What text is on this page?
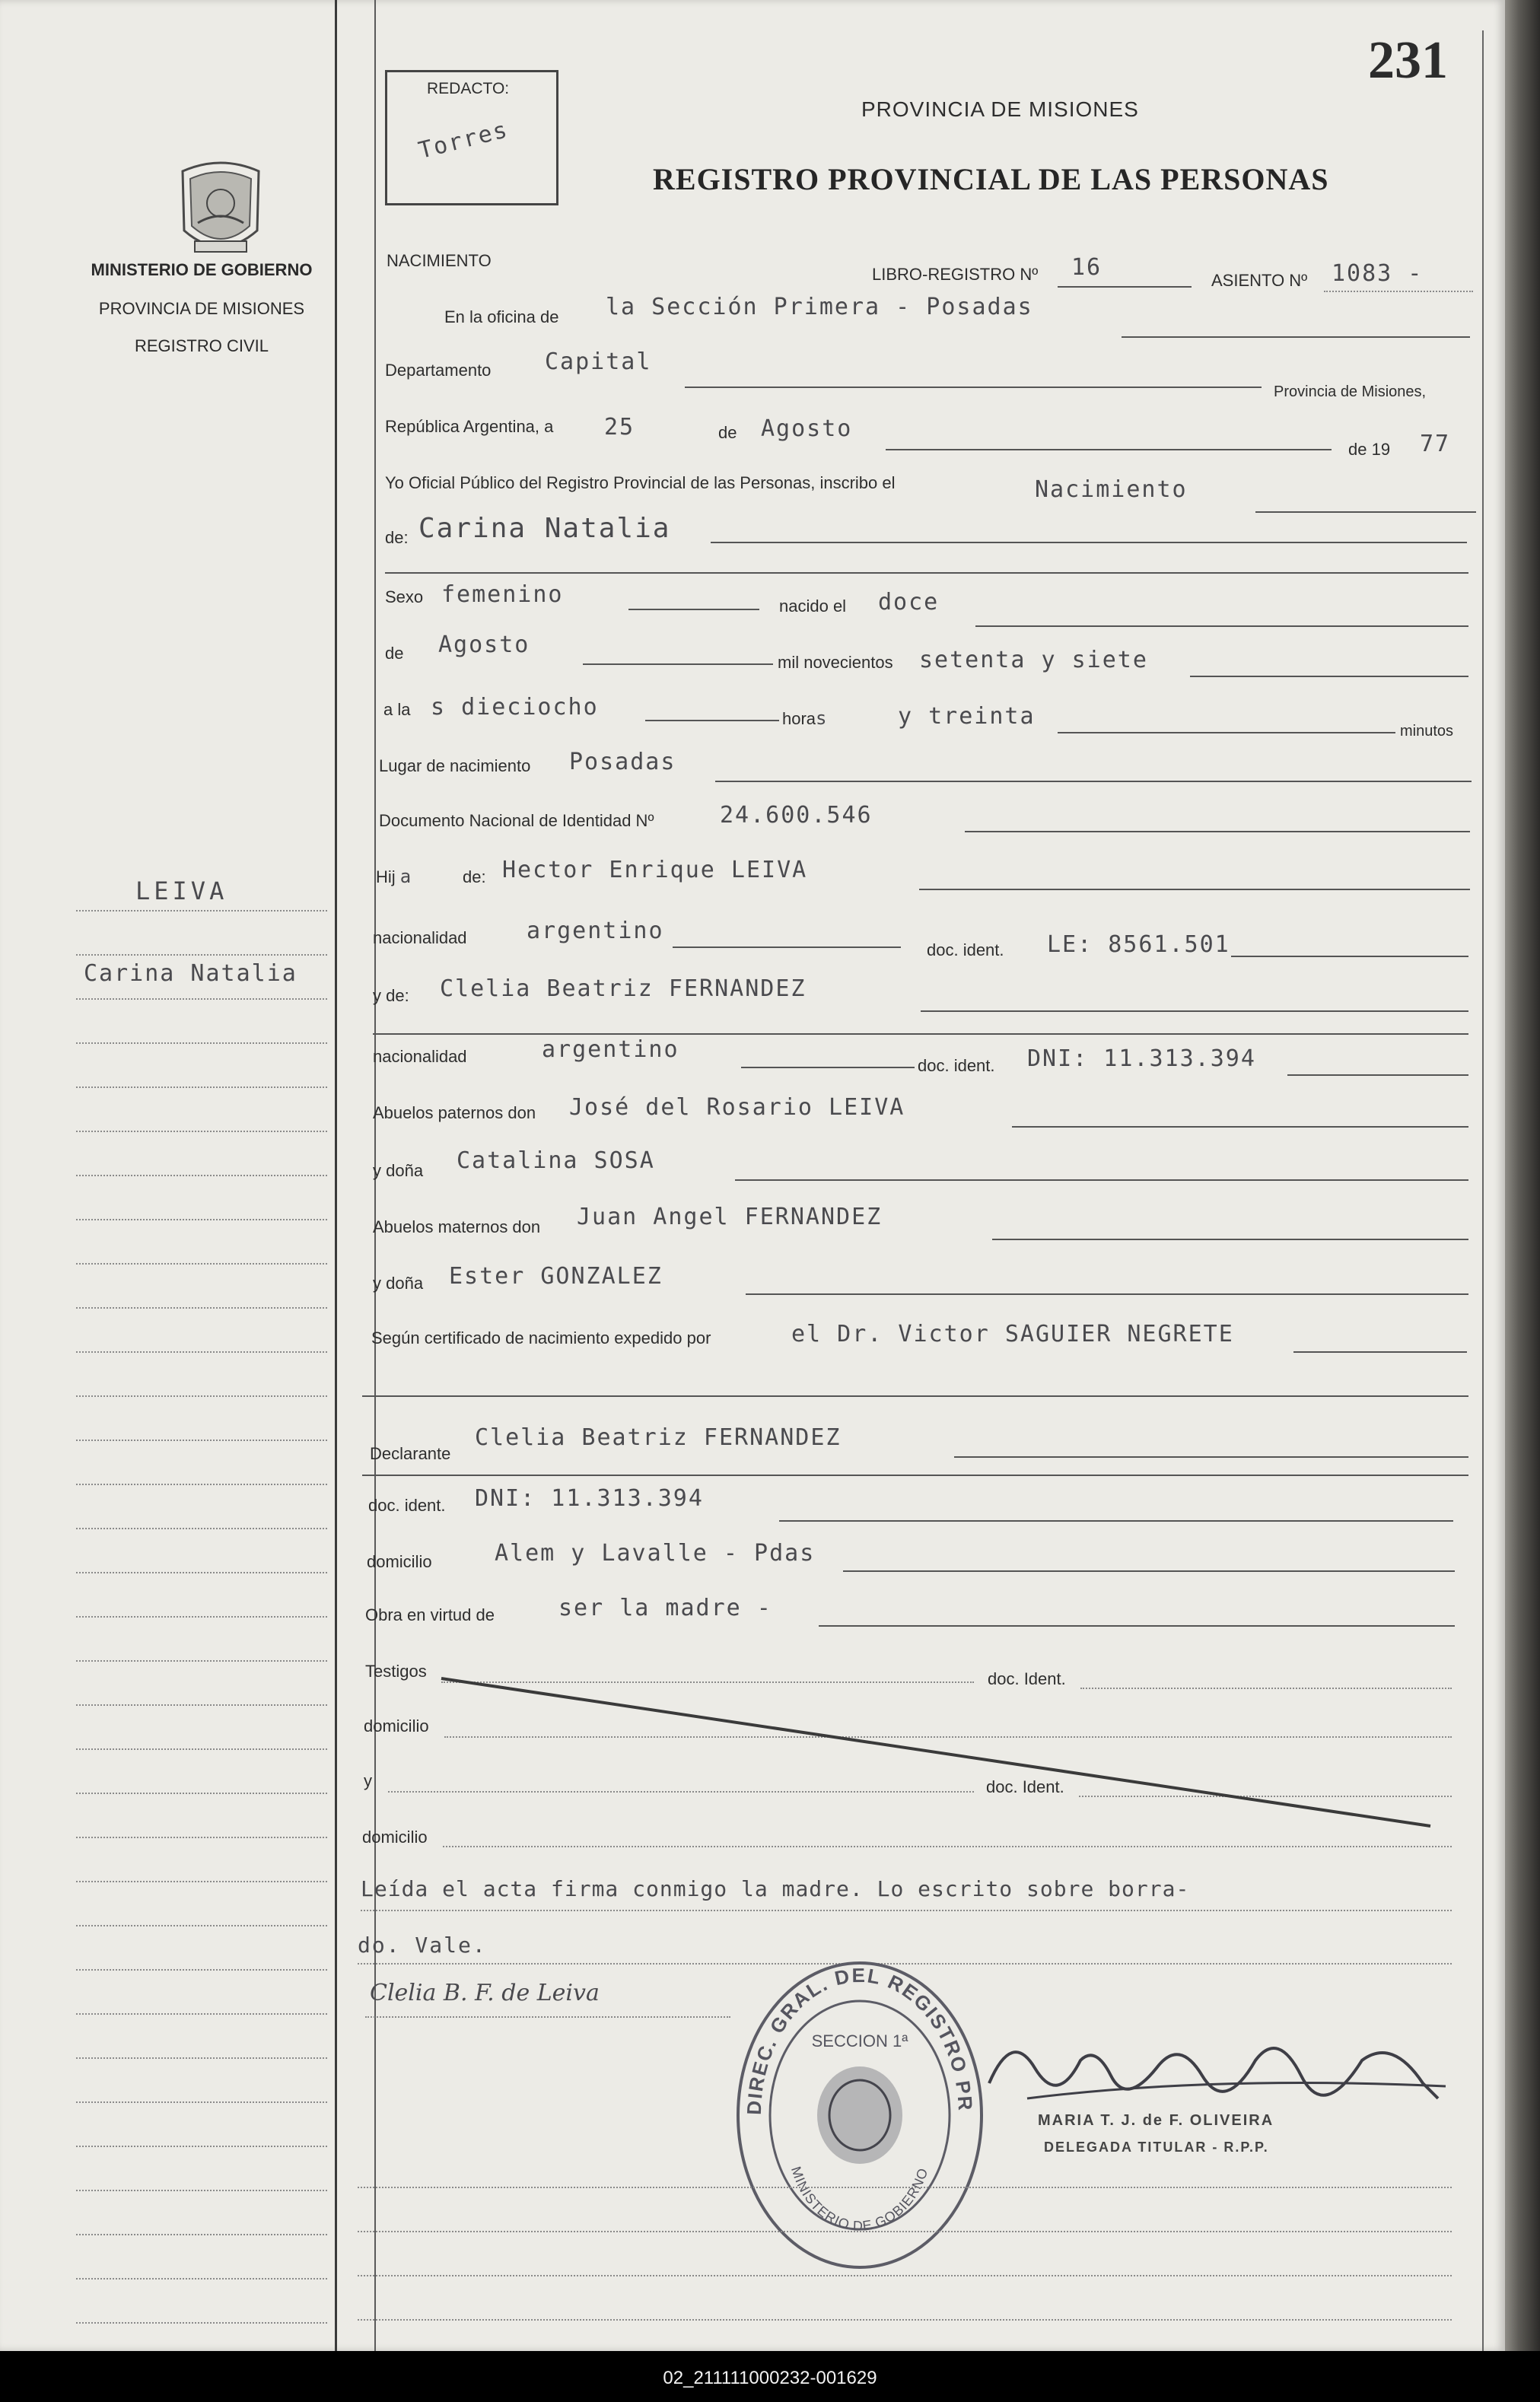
MINISTERIO DE GOBIERNO
PROVINCIA DE MISIONES
REGISTRO CIVIL
LEIVA
Carina Natalia
231
REDACTO:
Torres
PROVINCIA DE MISIONES
REGISTRO PROVINCIAL DE LAS PERSONAS
NACIMIENTO
LIBRO-REGISTRO Nº 16	ASIENTO Nº 1083 -
En la oficina de la Sección Primera - Posadas
Departamento Capital
Provincia de Misiones,
República Argentina, a 25	de Agosto
de 19 77
Yo Oficial Público del Registro Provincial de las Personas, inscribo el	Nacimiento
de: Carina Natalia
Sexo femenino	nacido el doce
de Agosto
mil novecientos setenta y siete
a la s dieciocho	horas	y treinta
minutos
Lugar de nacimiento Posadas
Documento Nacional de Identidad Nº	24.600.546
Hij a	de: Hector Enrique LEIVA
nacionalidad	argentino
doc. ident. LE: 8561.501
y de: Clelia Beatriz FERNANDEZ
nacionalidad	argentino
doc. ident. DNI: 11.313.394
Abuelos paternos don José del Rosario LEIVA
y doña Catalina SOSA
Abuelos maternos don Juan Angel FERNANDEZ
y doña Ester GONZALEZ
Según certificado de nacimiento expedido por	el Dr. Victor SAGUIER NEGRETE
Declarante
Clelia Beatriz FERNANDEZ
doc. ident. DNI: 11.313.394
domicilio	Alem y Lavalle - Pdas
Obra en virtud de	ser la madre -
Testigos	doc. Ident.
domicilio
y	doc. Ident.
domicilio
Leída el acta firma conmigo la madre. Lo escrito sobre borra-
do. Vale.
Clelia B. F. de Leiva
DIREC. GRAL. DEL REGISTRO PR
SECCION 1ª
MINISTERIO DE GOBIERNO
MARIA T. J. de F. OLIVEIRA
DELEGADA TITULAR - R.P.P.
02_211111000232-001629
